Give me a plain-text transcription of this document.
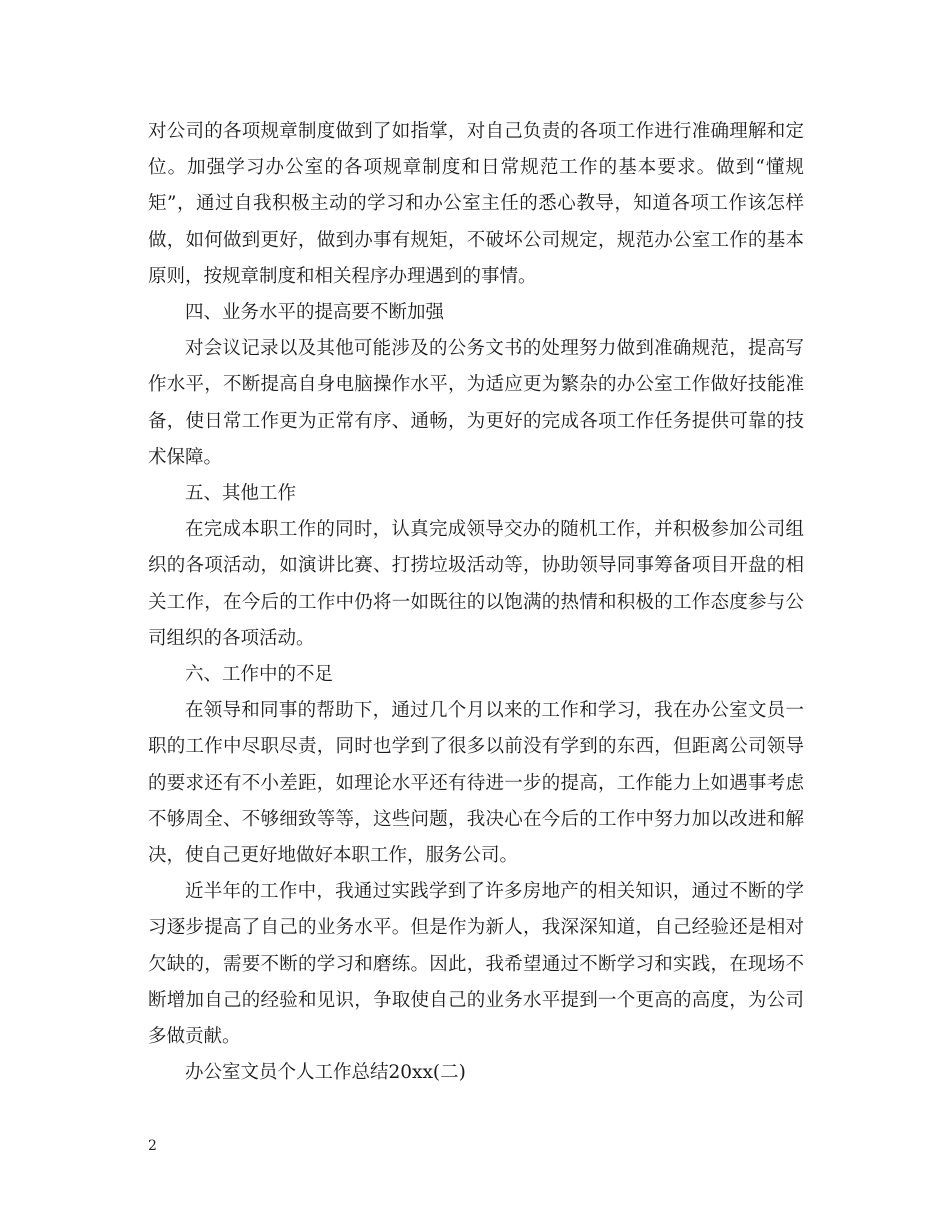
对公司的各项规章制度做到了如指掌，对自己负责的各项工作进行准确理解和定位。加强学习办公室的各项规章制度和日常规范工作的基本要求。做到“懂规矩”，通过自我积极主动的学习和办公室主任的悉心教导，知道各项工作该怎样做，如何做到更好，做到办事有规矩，不破坏公司规定，规范办公室工作的基本原则，按规章制度和相关程序办理遇到的事情。

四、业务水平的提高要不断加强

对会议记录以及其他可能涉及的公务文书的处理努力做到准确规范，提高写作水平，不断提高自身电脑操作水平，为适应更为繁杂的办公室工作做好技能准备，使日常工作更为正常有序、通畅，为更好的完成各项工作任务提供可靠的技术保障。

五、其他工作

在完成本职工作的同时，认真完成领导交办的随机工作，并积极参加公司组织的各项活动，如演讲比赛、打捞垃圾活动等，协助领导同事筹备项目开盘的相关工作，在今后的工作中仍将一如既往的以饱满的热情和积极的工作态度参与公司组织的各项活动。

六、工作中的不足

在领导和同事的帮助下，通过几个月以来的工作和学习，我在办公室文员一职的工作中尽职尽责，同时也学到了很多以前没有学到的东西，但距离公司领导的要求还有不小差距，如理论水平还有待进一步的提高，工作能力上如遇事考虑不够周全、不够细致等等，这些问题，我决心在今后的工作中努力加以改进和解决，使自己更好地做好本职工作，服务公司。

近半年的工作中，我通过实践学到了许多房地产的相关知识，通过不断的学习逐步提高了自己的业务水平。但是作为新人，我深深知道，自己经验还是相对欠缺的，需要不断的学习和磨练。因此，我希望通过不断学习和实践，在现场不断增加自己的经验和见识，争取使自己的业务水平提到一个更高的高度，为公司多做贡献。

办公室文员个人工作总结20xx(二)

2
